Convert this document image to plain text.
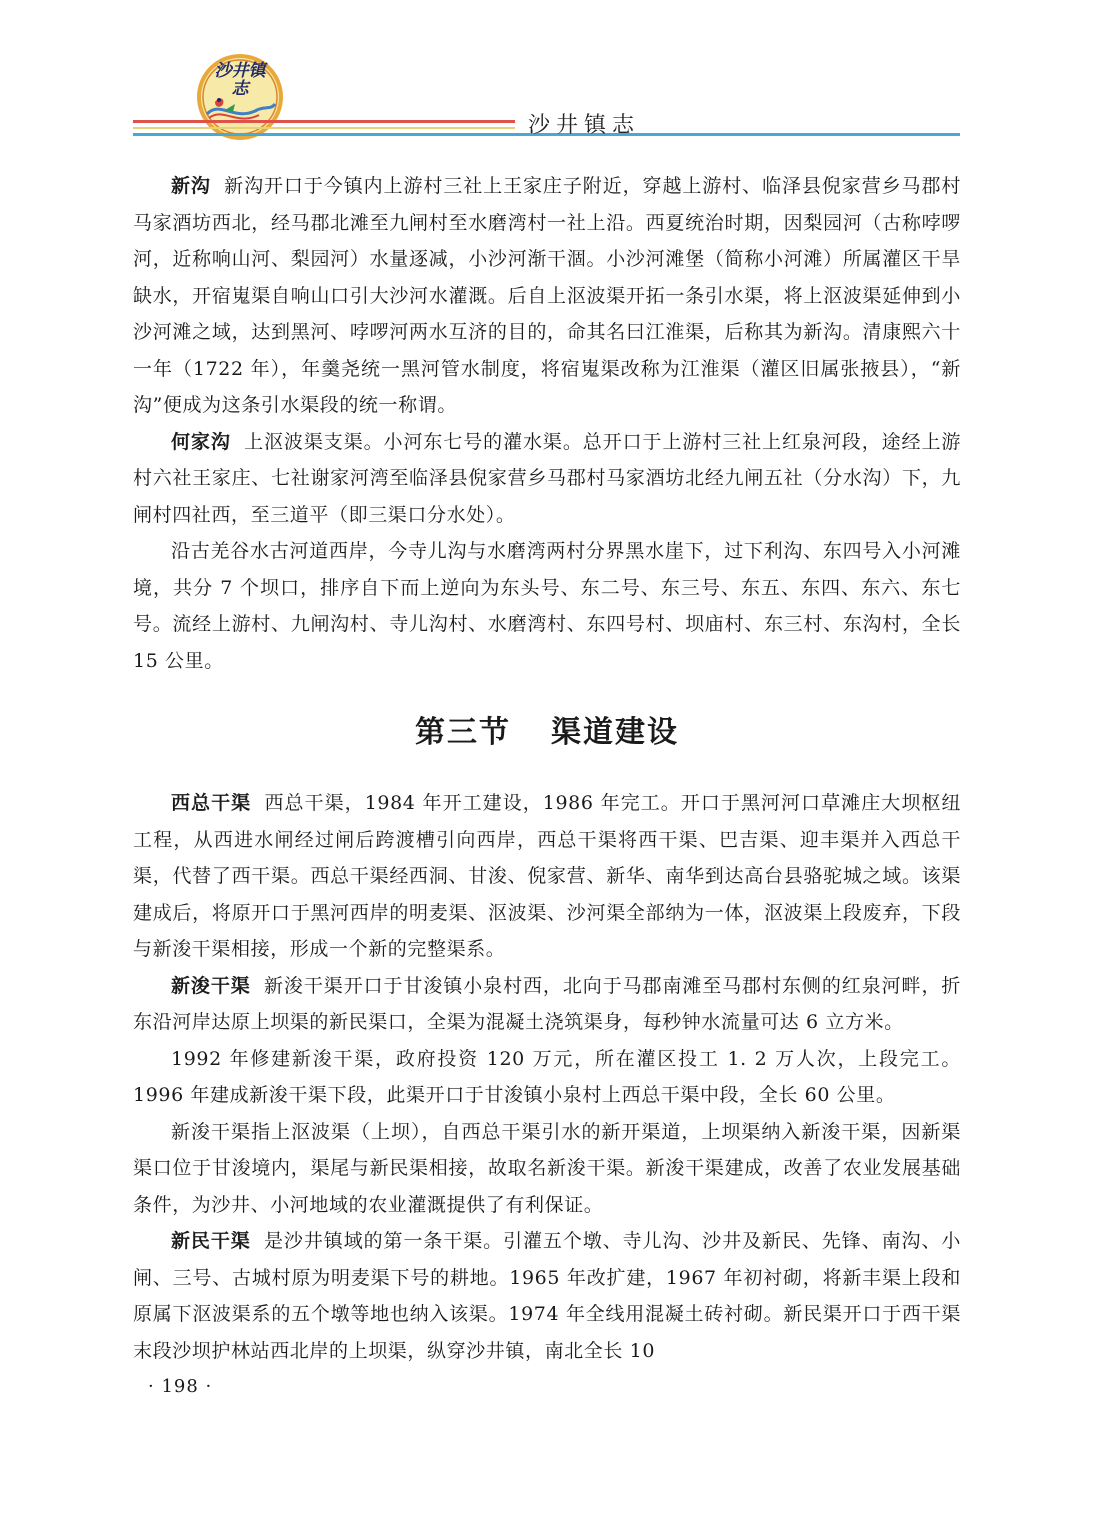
沙井镇志
沙井镇志

新沟 新沟开口于今镇内上游村三社上王家庄子附近，穿越上游村、临泽县倪家营乡马郡村马家酒坊西北，经马郡北滩至九闸村至水磨湾村一社上沿。西夏统治时期，因梨园河（古称哱啰河，近称响山河、梨园河）水量逐减，小沙河渐干涸。小沙河滩堡（简称小河滩）所属灌区干旱缺水，开宿嵬渠自响山口引大沙河水灌溉。后自上沤波渠开拓一条引水渠，将上沤波渠延伸到小沙河滩之域，达到黑河、哱啰河两水互济的目的，命其名曰江淮渠，后称其为新沟。清康熙六十一年（1722 年），年羹尧统一黑河管水制度，将宿嵬渠改称为江淮渠（灌区旧属张掖县），“新沟”便成为这条引水渠段的统一称谓。

何家沟 上沤波渠支渠。小河东七号的灌水渠。总开口于上游村三社上红泉河段，途经上游村六社王家庄、七社谢家河湾至临泽县倪家营乡马郡村马家酒坊北经九闸五社（分水沟）下，九闸村四社西，至三道平（即三渠口分水处）。

沿古羌谷水古河道西岸，今寺儿沟与水磨湾两村分界黑水崖下，过下利沟、东四号入小河滩境，共分 7 个坝口，排序自下而上逆向为东头号、东二号、东三号、东五、东四、东六、东七号。流经上游村、九闸沟村、寺儿沟村、水磨湾村、东四号村、坝庙村、东三村、东沟村，全长 15 公里。

第三节 渠道建设

西总干渠 西总干渠，1984 年开工建设，1986 年完工。开口于黑河河口草滩庄大坝枢纽工程，从西进水闸经过闸后跨渡槽引向西岸，西总干渠将西干渠、巴吉渠、迎丰渠并入西总干渠，代替了西干渠。西总干渠经西洞、甘浚、倪家营、新华、南华到达高台县骆驼城之域。该渠建成后，将原开口于黑河西岸的明麦渠、沤波渠、沙河渠全部纳为一体，沤波渠上段废弃，下段与新浚干渠相接，形成一个新的完整渠系。

新浚干渠 新浚干渠开口于甘浚镇小泉村西，北向于马郡南滩至马郡村东侧的红泉河畔，折东沿河岸达原上坝渠的新民渠口，全渠为混凝土浇筑渠身，每秒钟水流量可达 6 立方米。

1992 年修建新浚干渠，政府投资 120 万元，所在灌区投工 1. 2 万人次，上段完工。1996 年建成新浚干渠下段，此渠开口于甘浚镇小泉村上西总干渠中段，全长 60 公里。

新浚干渠指上沤波渠（上坝），自西总干渠引水的新开渠道，上坝渠纳入新浚干渠，因新渠渠口位于甘浚境内，渠尾与新民渠相接，故取名新浚干渠。新浚干渠建成，改善了农业发展基础条件，为沙井、小河地域的农业灌溉提供了有利保证。

新民干渠 是沙井镇域的第一条干渠。引灌五个墩、寺儿沟、沙井及新民、先锋、南沟、小闸、三号、古城村原为明麦渠下号的耕地。1965 年改扩建，1967 年初衬砌，将新丰渠上段和原属下沤波渠系的五个墩等地也纳入该渠。1974 年全线用混凝土砖衬砌。新民渠开口于西干渠末段沙坝护林站西北岸的上坝渠，纵穿沙井镇，南北全长 10

· 198 ·
